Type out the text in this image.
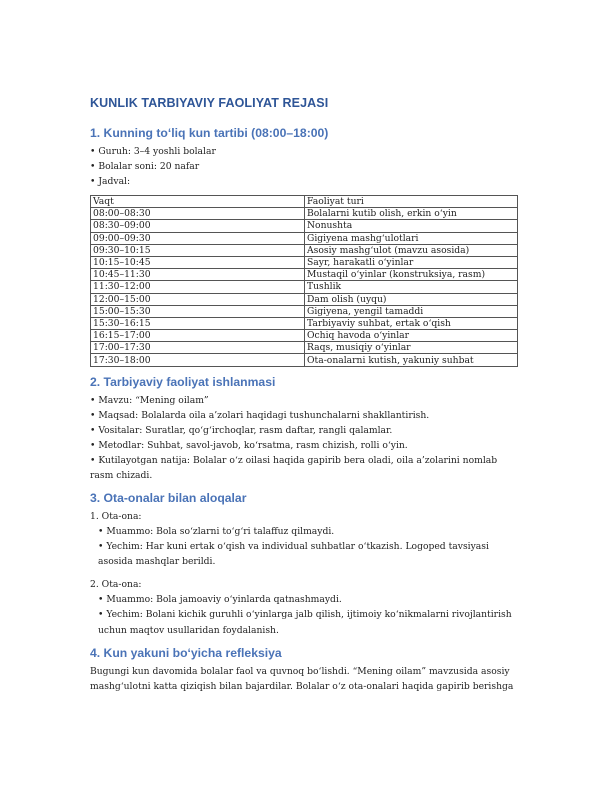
KUNLIK TARBIYAVIY FAOLIYAT REJASI
1. Kunning to‘liq kun tartibi (08:00–18:00)
• Guruh: 3–4 yoshli bolalar
• Bolalar soni: 20 nafar
• Jadval:
Vaqt	Faoliyat turi
08:00–08:30	Bolalarni kutib olish, erkin o‘yin
08:30–09:00	Nonushta
09:00–09:30	Gigiyena mashg‘ulotlari
09:30–10:15	Asosiy mashg‘ulot (mavzu asosida)
10:15–10:45	Sayr, harakatli o‘yinlar
10:45–11:30	Mustaqil o‘yinlar (konstruksiya, rasm)
11:30–12:00	Tushlik
12:00–15:00	Dam olish (uyqu)
15:00–15:30	Gigiyena, yengil tamaddi
15:30–16:15	Tarbiyaviy suhbat, ertak o‘qish
16:15–17:00	Ochiq havoda o‘yinlar
17:00–17:30	Raqs, musiqiy o‘yinlar
17:30–18:00	Ota-onalarni kutish, yakuniy suhbat
2. Tarbiyaviy faoliyat ishlanmasi
• Mavzu: “Mening oilam”
• Maqsad: Bolalarda oila a’zolari haqidagi tushunchalarni shakllantirish.
• Vositalar: Suratlar, qo‘g‘irchoqlar, rasm daftar, rangli qalamlar.
• Metodlar: Suhbat, savol-javob, ko‘rsatma, rasm chizish, rolli o‘yin.
• Kutilayotgan natija: Bolalar o‘z oilasi haqida gapirib bera oladi, oila a’zolarini nomlab rasm chizadi.
3. Ota-onalar bilan aloqalar
1. Ota-ona:
• Muammo: Bola so‘zlarni to‘g‘ri talaffuz qilmaydi.
• Yechim: Har kuni ertak o‘qish va individual suhbatlar o‘tkazish. Logoped tavsiyasi asosida mashqlar berildi.
2. Ota-ona:
• Muammo: Bola jamoaviy o‘yinlarda qatnashmaydi.
• Yechim: Bolani kichik guruhli o‘yinlarga jalb qilish, ijtimoiy ko‘nikmalarni rivojlantirish uchun maqtov usullaridan foydalanish.
4. Kun yakuni bo‘yicha refleksiya
Bugungi kun davomida bolalar faol va quvnoq bo‘lishdi. “Mening oilam” mavzusida asosiy mashg‘ulotni katta qiziqish bilan bajardilar. Bolalar o‘z ota-onalari haqida gapirib berishga
